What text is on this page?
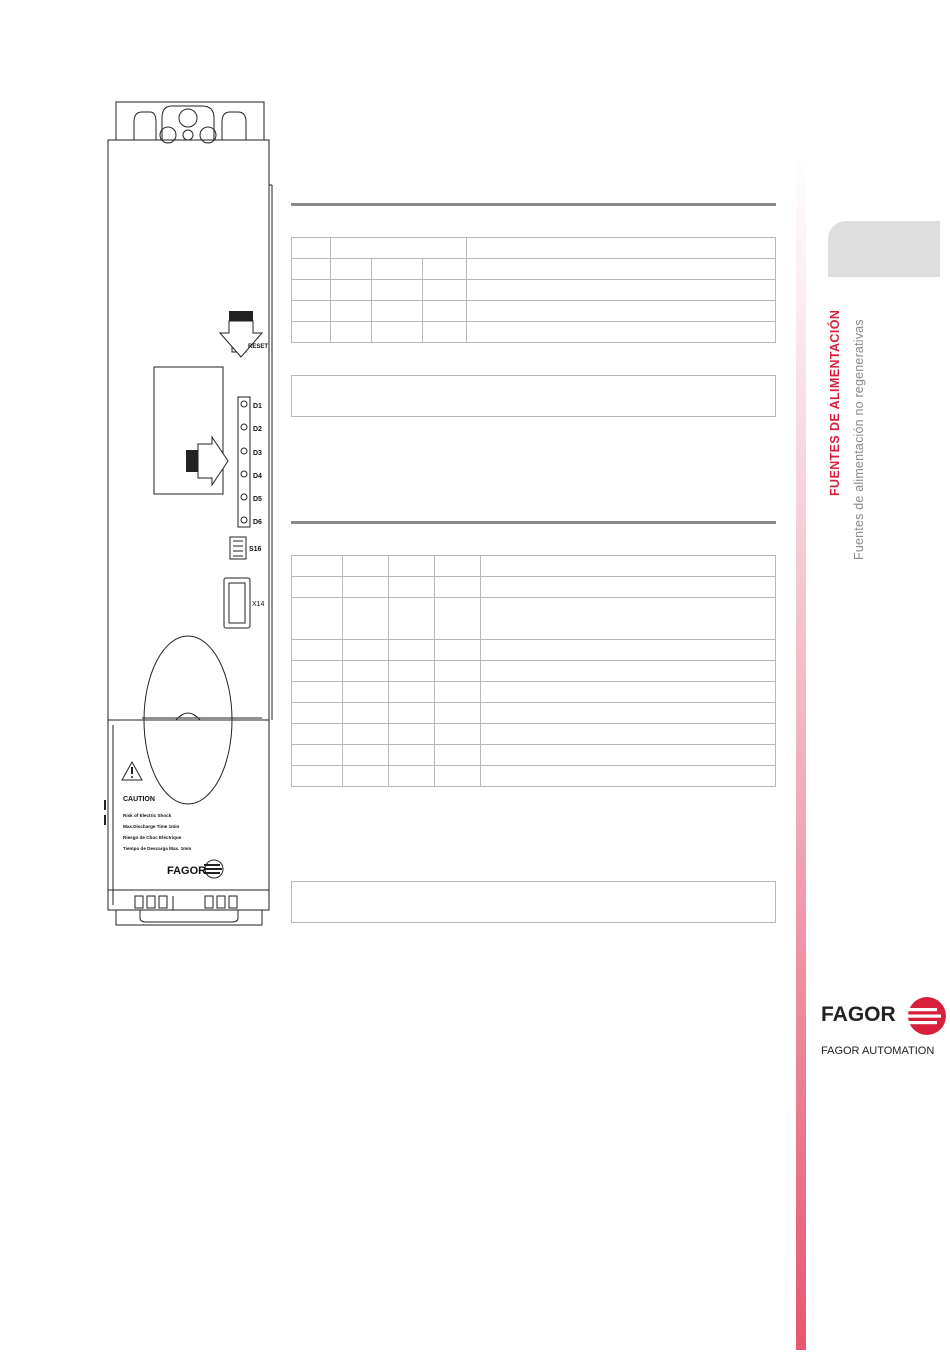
RESET
D1
D2
D3
D4
D5
D6
S16
X14
CAUTION
Risk of Electric Shock
Max.Discharge Time 1min
Riesgo de Choc Eléctrique
Tiempo de Descarga Max. 1min
FAGOR

FUENTES DE ALIMENTACIÓN Fuentes de alimentación no regenerativas
FAGOR
FAGOR AUTOMATION
